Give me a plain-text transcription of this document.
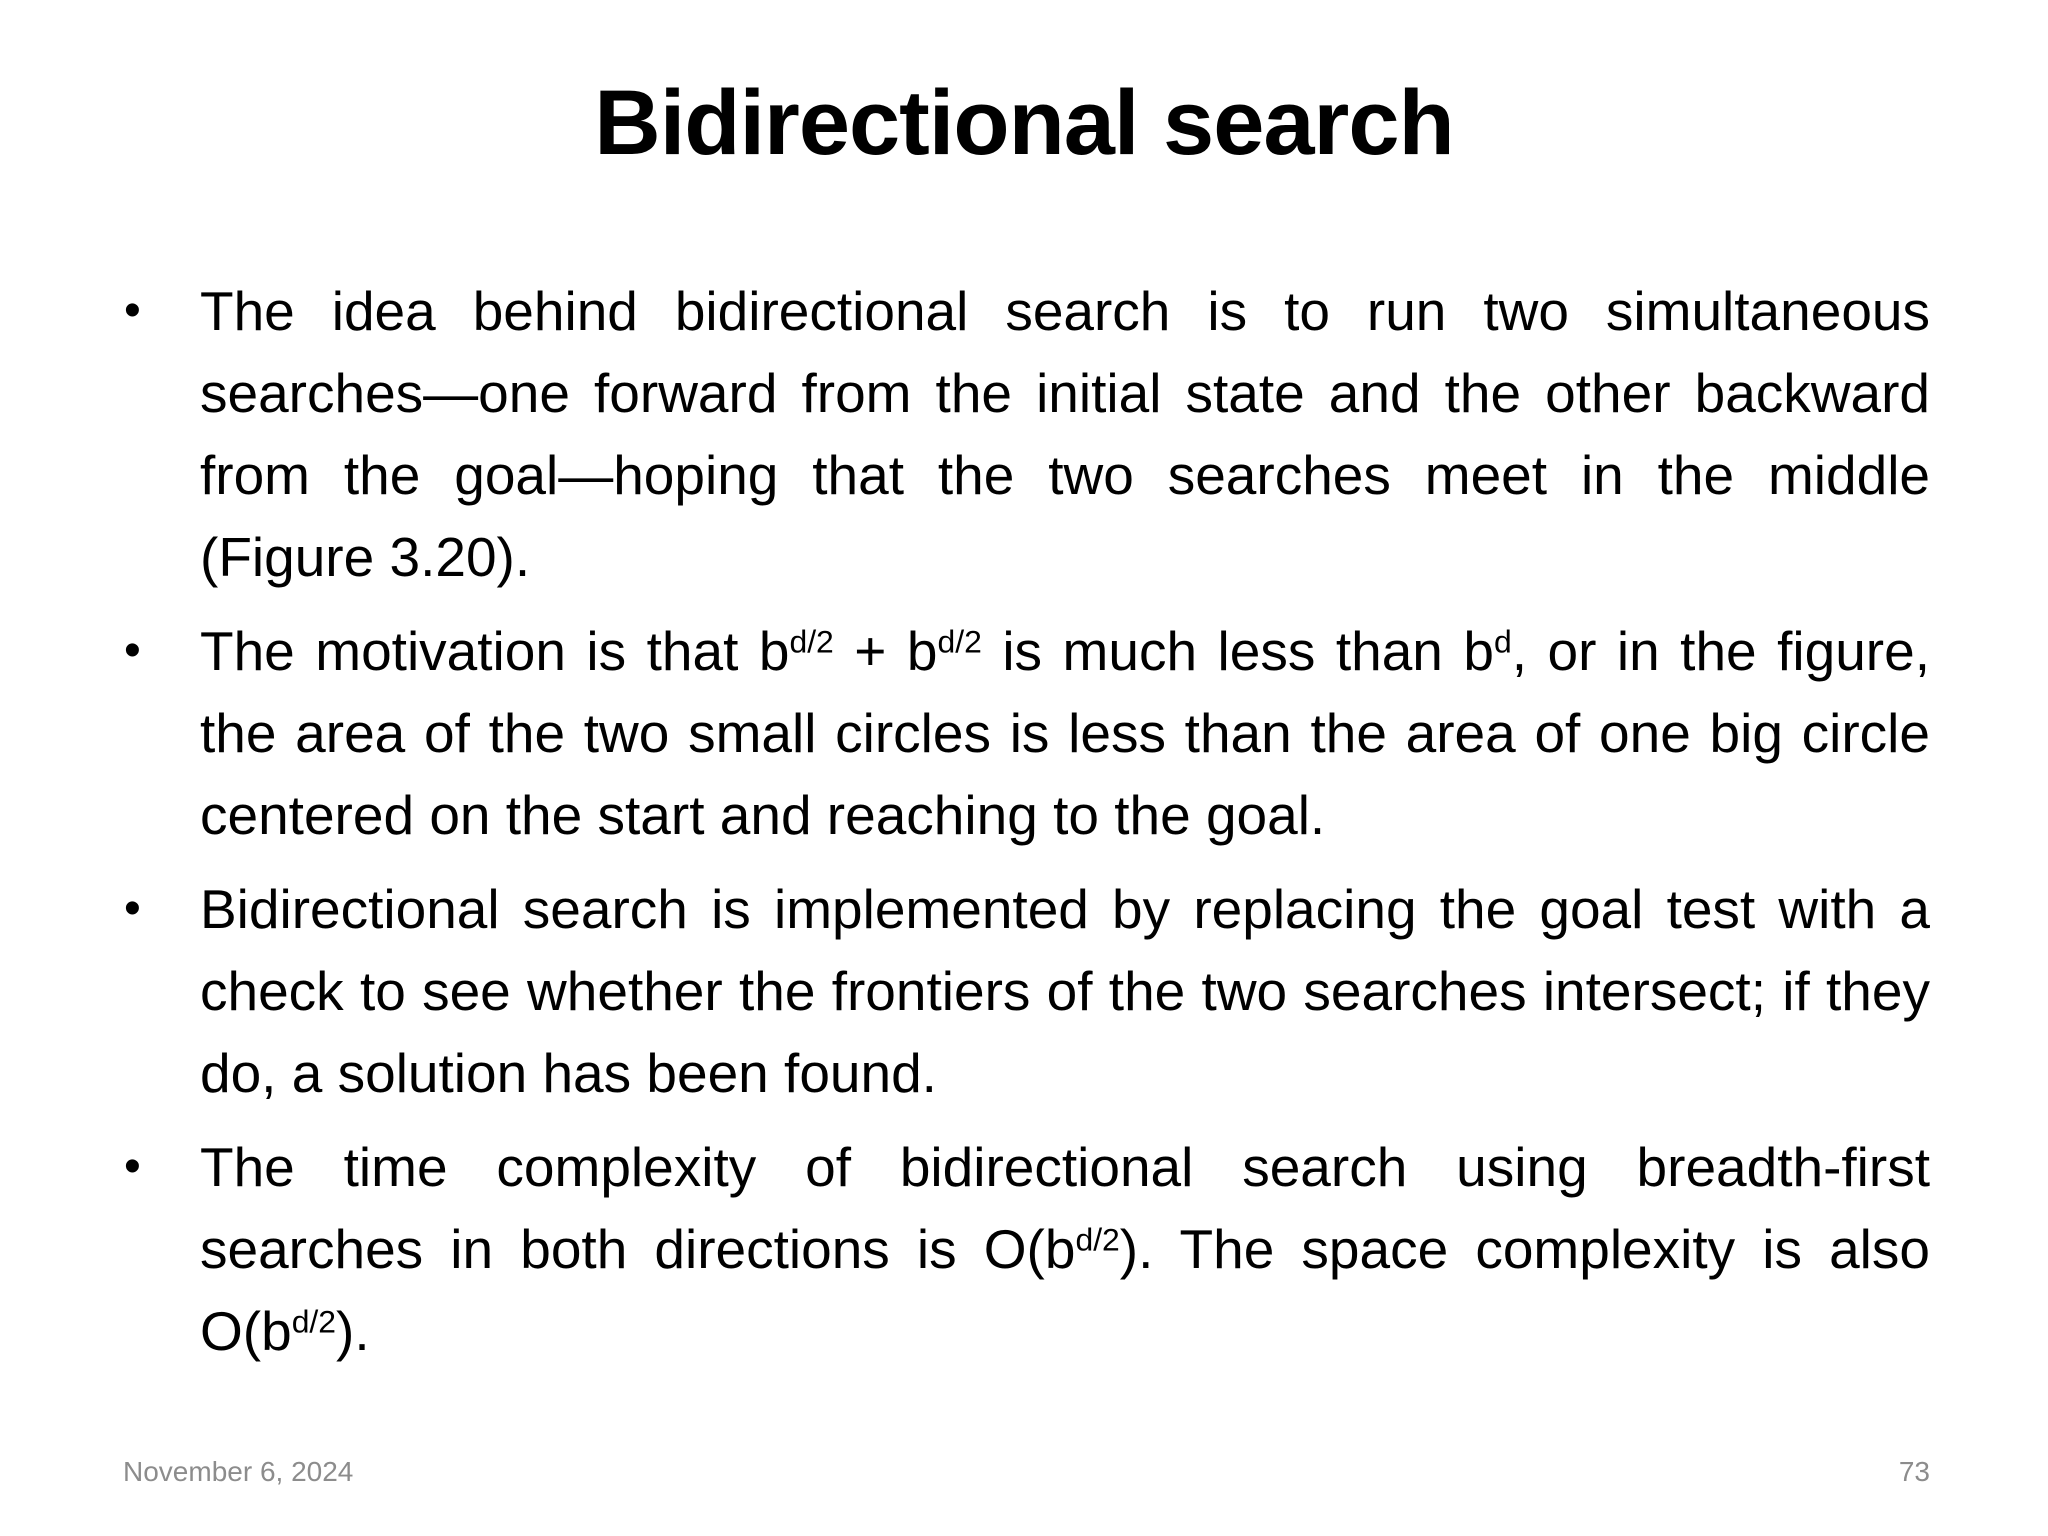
Bidirectional search
• The idea behind bidirectional search is to run two simultaneous searches—one forward from the initial state and the other backward from the goal—hoping that the two searches meet in the middle (Figure 3.20).
• The motivation is that $b^{d/2} + b^{d/2}$ is much less than $b^d$, or in the figure, the area of the two small circles is less than the area of one big circle centered on the start and reaching to the goal.
• Bidirectional search is implemented by replacing the goal test with a check to see whether the frontiers of the two searches intersect; if they do, a solution has been found.
• The time complexity of bidirectional search using breadth-first searches in both directions is $O(b^{d/2})$. The space complexity is also $O(b^{d/2})$.
November 6, 2024	73
